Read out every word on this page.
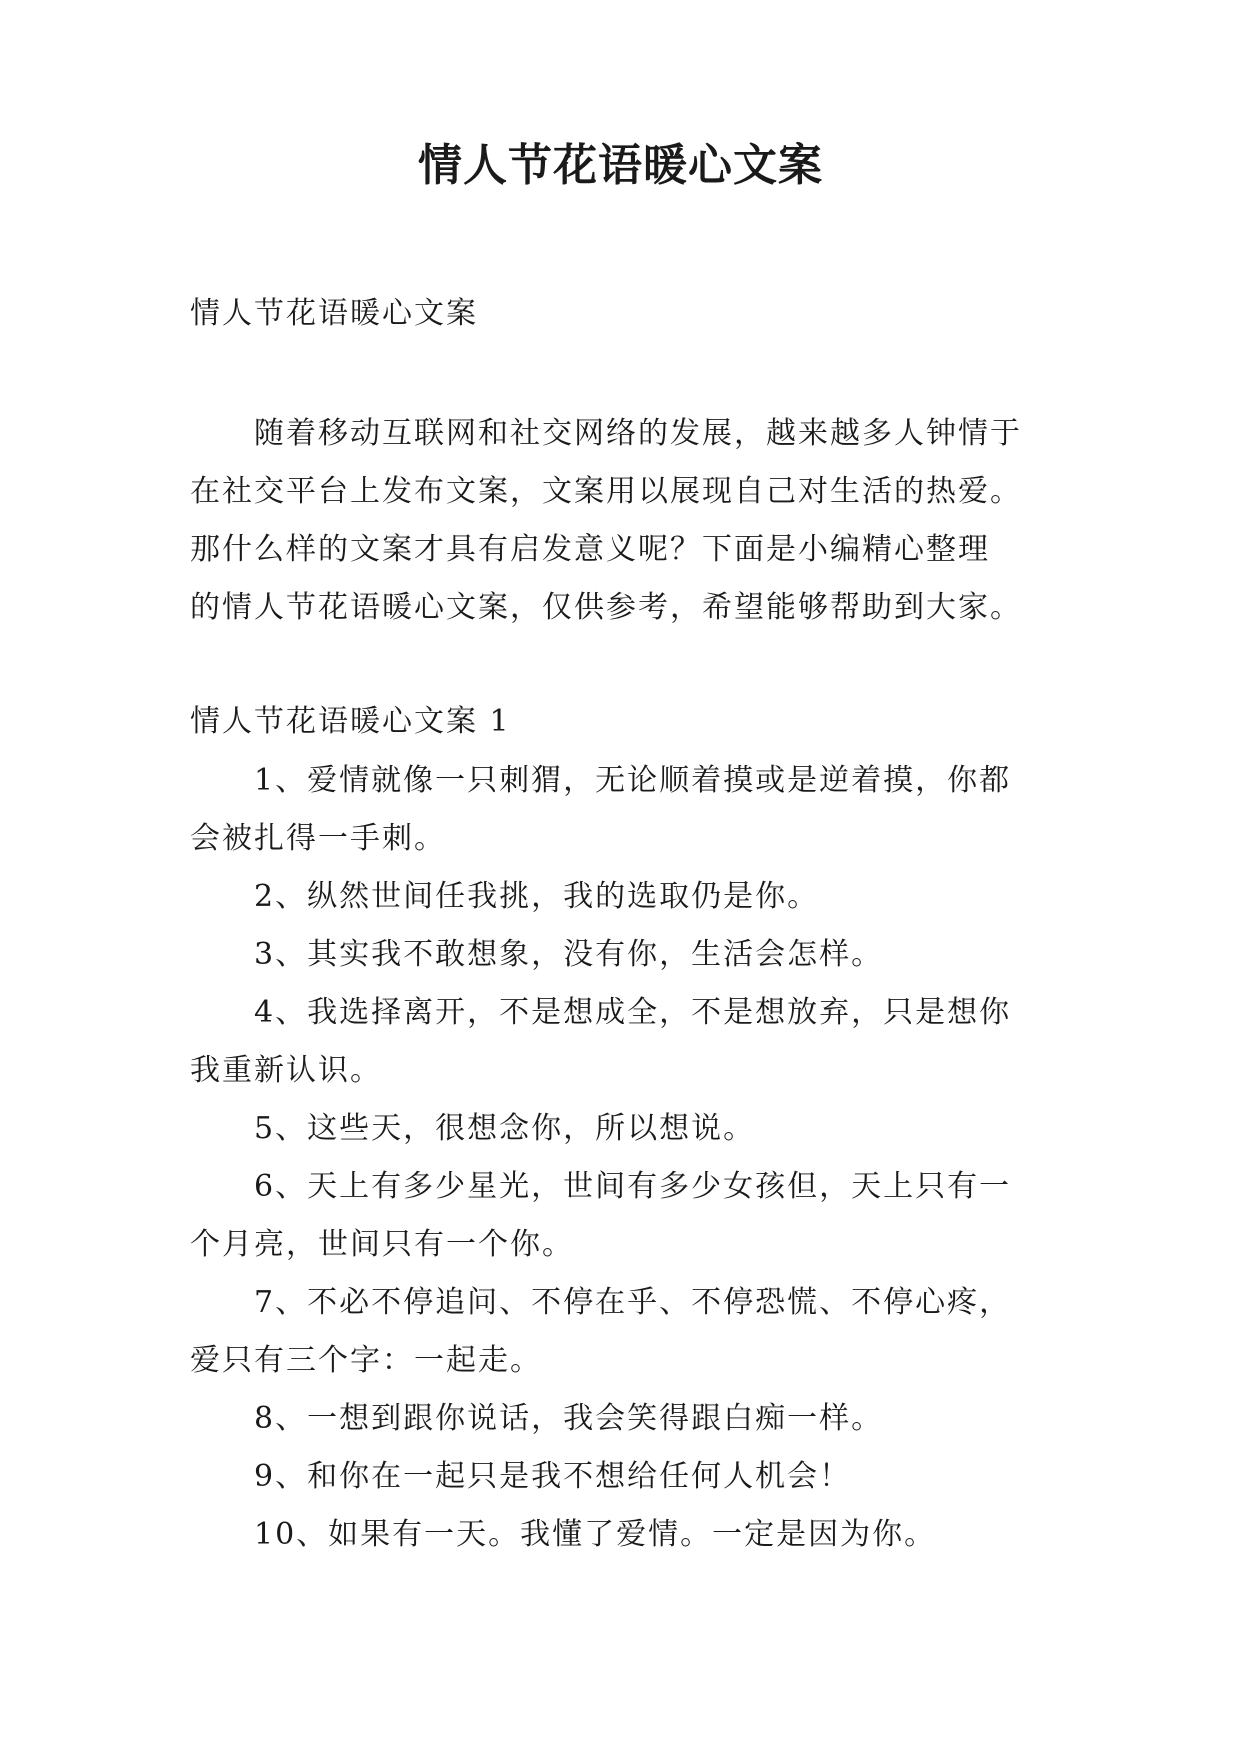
情人节花语暖心文案
情人节花语暖心文案
随着移动互联网和社交网络的发展，越来越多人钟情于
在社交平台上发布文案，文案用以展现自己对生活的热爱。
那什么样的文案才具有启发意义呢？下面是小编精心整理
的情人节花语暖心文案，仅供参考，希望能够帮助到大家。
情人节花语暖心文案 1
1、爱情就像一只刺猬，无论顺着摸或是逆着摸，你都
会被扎得一手刺。
2、纵然世间任我挑，我的选取仍是你。
3、其实我不敢想象，没有你，生活会怎样。
4、我选择离开，不是想成全，不是想放弃，只是想你
我重新认识。
5、这些天，很想念你，所以想说。
6、天上有多少星光，世间有多少女孩但，天上只有一
个月亮，世间只有一个你。
7、不必不停追问、不停在乎、不停恐慌、不停心疼，
爱只有三个字：一起走。
8、一想到跟你说话，我会笑得跟白痴一样。
9、和你在一起只是我不想给任何人机会！
10、如果有一天。我懂了爱情。一定是因为你。
